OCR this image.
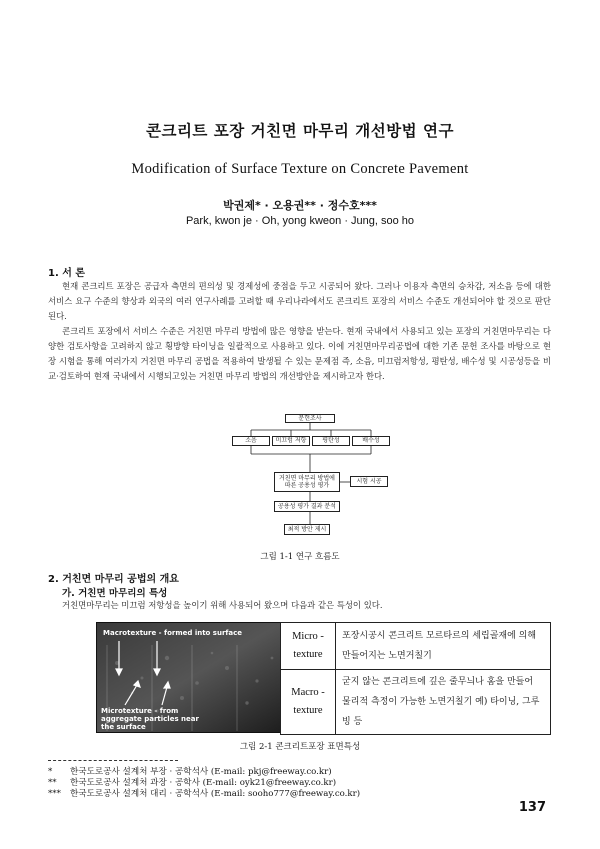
콘크리트 포장 거친면 마무리 개선방법 연구
Modification of Surface Texture on Concrete Pavement
박권제* · 오용권** · 정수호***
Park, kwon je · Oh, yong kweon · Jung, soo ho
1. 서 론
현재 콘크리트 포장은 공급자 측면의 편의성 및 경제성에 중점을 두고 시공되어 왔다. 그러나 이용자 측면의 승차감, 저소음 등에 대한 서비스 요구 수준의 향상과 외국의 여러 연구사례를 고려할 때 우리나라에서도 콘크리트 포장의 서비스 수준도 개선되어야 할 것으로 판단된다.
콘크리트 포장에서 서비스 수준은 거친면 마무리 방법에 많은 영향을 받는다. 현재 국내에서 사용되고 있는 포장의 거친면마무리는 다양한 검토사항을 고려하지 않고 횡방향 타이닝을 일괄적으로 사용하고 있다. 이에 거친면마무리공법에 대한 기존 문헌 조사를 바탕으로 현장 시험을 통해 여러가지 거친면 마무리 공법을 적용하여 발생될 수 있는 문제점 즉, 소음, 미끄럼저항성, 평탄성, 배수성 및 시공성등을 비교·검토하여 현재 국내에서 시행되고있는 거친면 마무리 방법의 개선방안을 제시하고자 한다.
문헌조사
소음	미끄럼 저항	평탄성	배수성
거친면 마무리 방법에 따른 공용성 평가
시험 시공
공용성 평가 결과 분석
최적 방안 제시
그림 1-1 연구 흐름도
2. 거친면 마무리 공법의 개요
가. 거친면 마무리의 특성
거친면마무리는 미끄럼 저항성을 높이기 위해 사용되어 왔으며 다음과 같은 특성이 있다.
Macrotexture - formed into surface
Microtexture - from aggregate particles near the surface
Micro -texture	포장시공시 콘크리트 모르타르의 세립골재에 의해 만들어지는 노면거칠기
Macro -texture	굳지 않는 콘크리트에 깊은 줄무늬나 홈을 만들어 물리적 측정이 가능한 노면거칠기 예) 타이닝, 그루빙 등
그림 2-1 콘크리트포장 표면특성
* 한국도로공사 설계처 부장 · 공학석사 (E-mail: pkj@freeway.co.kr)
** 한국도로공사 설계처 과장 · 공학사 (E-mail: oyk21@freeway.co.kr)
*** 한국도로공사 설계처 대리 · 공학석사 (E-mail: sooho777@freeway.co.kr)
137
